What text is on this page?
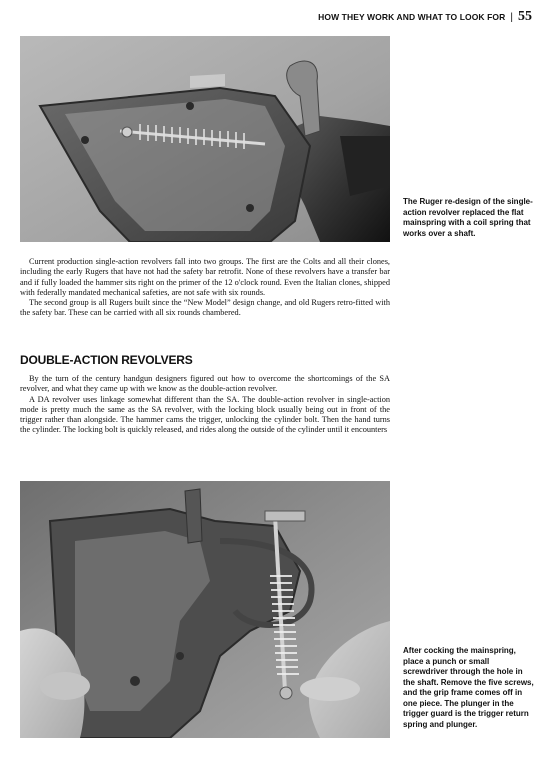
HOW THEY WORK AND WHAT TO LOOK FOR | 55

The Ruger re-design of the single-action revolver replaced the flat mainspring with a coil spring that works over a shaft.

Current production single-action revolvers fall into two groups. The first are the Colts and all their clones, including the early Rugers that have not had the safety bar retrofit. None of these revolvers have a transfer bar and if fully loaded the hammer sits right on the primer of the 12 o'clock round. Even the Italian clones, shipped with federally mandated mechanical safeties, are not safe with six rounds.

The second group is all Rugers built since the “New Model” design change, and old Rugers retro-fitted with the safety bar. These can be carried with all six rounds chambered.

DOUBLE-ACTION REVOLVERS

By the turn of the century handgun designers figured out how to overcome the shortcomings of the SA revolver, and what they came up with we know as the double-action revolver.

A DA revolver uses linkage somewhat different than the SA. The double-action revolver in single-action mode is pretty much the same as the SA revolver, with the locking block usually being out in front of the trigger rather than alongside. The hammer cams the trigger, unlocking the cylinder bolt. Then the hand turns the cylinder. The locking bolt is quickly released, and rides along the outside of the cylinder until it encounters

After cocking the mainspring, place a punch or small screwdriver through the hole in the shaft. Remove the five screws, and the grip frame comes off in one piece. The plunger in the trigger guard is the trigger return spring and plunger.
